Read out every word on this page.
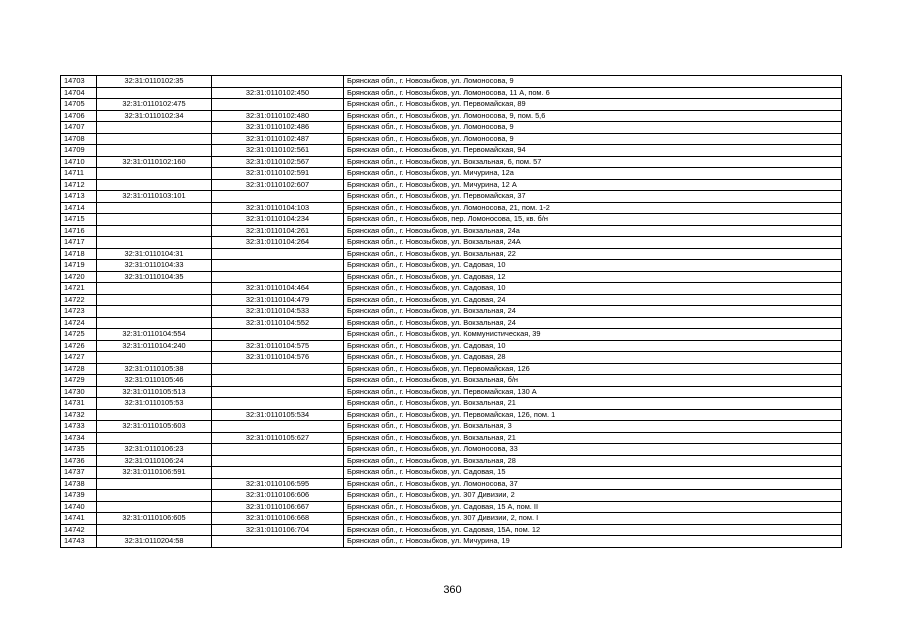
14703	32:31:0110102:35		Брянская обл., г. Новозыбков, ул. Ломоносова, 9
14704		32:31:0110102:450	Брянская обл., г. Новозыбков, ул. Ломоносова, 11 А, пом. 6
14705	32:31:0110102:475		Брянская обл., г. Новозыбков, ул. Первомайская, 89
14706	32:31:0110102:34	32:31:0110102:480	Брянская обл., г. Новозыбков, ул. Ломоносова, 9, пом. 5,6
14707		32:31:0110102:486	Брянская обл., г. Новозыбков, ул. Ломоносова, 9
14708		32:31:0110102:487	Брянская обл., г. Новозыбков, ул. Ломоносова, 9
14709		32:31:0110102:561	Брянская обл., г. Новозыбков, ул. Первомайская, 94
14710	32:31:0110102:160	32:31:0110102:567	Брянская обл., г. Новозыбков, ул. Вокзальная, 6, пом. 57
14711		32:31:0110102:591	Брянская обл., г. Новозыбков, ул. Мичурина, 12а
14712		32:31:0110102:607	Брянская обл., г. Новозыбков, ул. Мичурина, 12 А
14713	32:31:0110103:101		Брянская обл., г. Новозыбков, ул. Первомайская, 37
14714		32:31:0110104:103	Брянская обл., г. Новозыбков, ул. Ломоносова, 21, пом. 1-2
14715		32:31:0110104:234	Брянская обл., г. Новозыбков, пер. Ломоносова, 15, кв. б/н
14716		32:31:0110104:261	Брянская обл., г. Новозыбков, ул. Вокзальная, 24а
14717		32:31:0110104:264	Брянская обл., г. Новозыбков, ул. Вокзальная, 24А
14718	32:31:0110104:31		Брянская обл., г. Новозыбков, ул. Вокзальная, 22
14719	32:31:0110104:33		Брянская обл., г. Новозыбков, ул. Садовая, 10
14720	32:31:0110104:35		Брянская обл., г. Новозыбков, ул. Садовая, 12
14721		32:31:0110104:464	Брянская обл., г. Новозыбков, ул. Садовая, 10
14722		32:31:0110104:479	Брянская обл., г. Новозыбков, ул. Садовая, 24
14723		32:31:0110104:533	Брянская обл., г. Новозыбков, ул. Вокзальная, 24
14724		32:31:0110104:552	Брянская обл., г. Новозыбков, ул. Вокзальная, 24
14725	32:31:0110104:554		Брянская обл., г. Новозыбков, ул. Коммунистическая, 39
14726	32:31:0110104:240	32:31:0110104:575	Брянская обл., г. Новозыбков, ул. Садовая, 10
14727		32:31:0110104:576	Брянская обл., г. Новозыбков, ул. Садовая, 28
14728	32:31:0110105:38		Брянская обл., г. Новозыбков, ул. Первомайская, 126
14729	32:31:0110105:46		Брянская обл., г. Новозыбков, ул. Вокзальная, б/н
14730	32:31:0110105:513		Брянская обл., г. Новозыбков, ул. Первомайская, 130 А
14731	32:31:0110105:53		Брянская обл., г. Новозыбков, ул. Вокзальная, 21
14732		32:31:0110105:534	Брянская обл., г. Новозыбков, ул. Первомайская, 126, пом. 1
14733	32:31:0110105:603		Брянская обл., г. Новозыбков, ул. Вокзальная, 3
14734		32:31:0110105:627	Брянская обл., г. Новозыбков, ул. Вокзальная, 21
14735	32:31:0110106:23		Брянская обл., г. Новозыбков, ул. Ломоносова, 33
14736	32:31:0110106:24		Брянская обл., г. Новозыбков, ул. Вокзальная, 28
14737	32:31:0110106:591		Брянская обл., г. Новозыбков, ул. Садовая, 15
14738		32:31:0110106:595	Брянская обл., г. Новозыбков, ул. Ломоносова, 37
14739		32:31:0110106:606	Брянская обл., г. Новозыбков, ул. 307 Дивизии, 2
14740		32:31:0110106:667	Брянская обл., г. Новозыбков, ул. Садовая, 15 А, пом. II
14741	32:31:0110106:605	32:31:0110106:668	Брянская обл., г. Новозыбков, ул. 307 Дивизии, 2, пом. I
14742		32:31:0110106:704	Брянская обл., г. Новозыбков, ул. Садовая, 15А, пом. 12
14743	32:31:0110204:58		Брянская обл., г. Новозыбков, ул. Мичурина, 19
360
